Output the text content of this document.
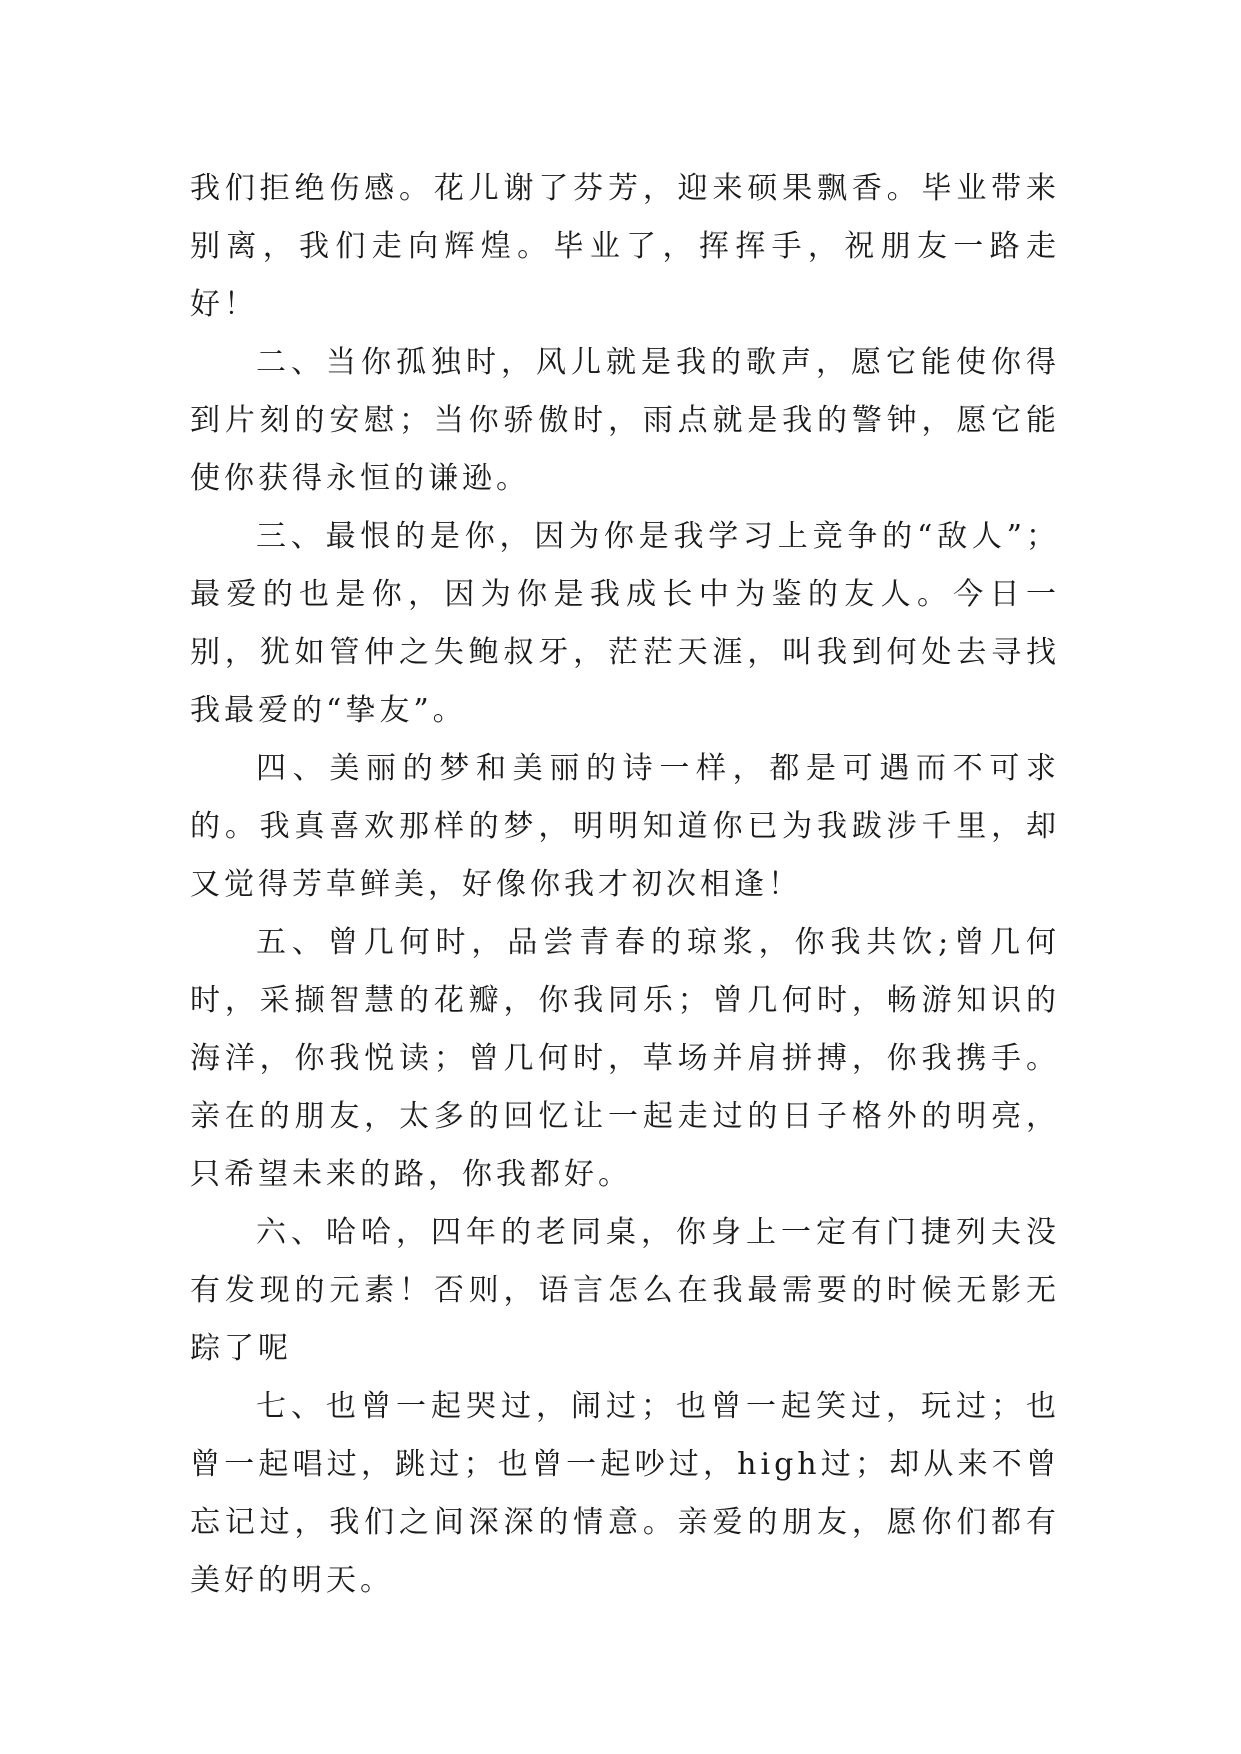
我们拒绝伤感。花儿谢了芬芳，迎来硕果飘香。毕业带来别离，我们走向辉煌。毕业了，挥挥手，祝朋友一路走好！

二、当你孤独时，风儿就是我的歌声，愿它能使你得到片刻的安慰；当你骄傲时，雨点就是我的警钟，愿它能使你获得永恒的谦逊。

三、最恨的是你，因为你是我学习上竞争的“敌人”；最爱的也是你，因为你是我成长中为鉴的友人。今日一别，犹如管仲之失鲍叔牙，茫茫天涯，叫我到何处去寻找我最爱的“挚友”。

四、美丽的梦和美丽的诗一样，都是可遇而不可求的。我真喜欢那样的梦，明明知道你已为我跋涉千里，却又觉得芳草鲜美，好像你我才初次相逢！

五、曾几何时，品尝青春的琼浆，你我共饮;曾几何时，采撷智慧的花瓣，你我同乐；曾几何时，畅游知识的海洋，你我悦读；曾几何时，草场并肩拼搏，你我携手。亲在的朋友，太多的回忆让一起走过的日子格外的明亮，只希望未来的路，你我都好。

六、哈哈，四年的老同桌，你身上一定有门捷列夫没有发现的元素！否则，语言怎么在我最需要的时候无影无踪了呢

七、也曾一起哭过，闹过；也曾一起笑过，玩过；也曾一起唱过，跳过；也曾一起吵过，high过；却从来不曾忘记过，我们之间深深的情意。亲爱的朋友，愿你们都有美好的明天。
